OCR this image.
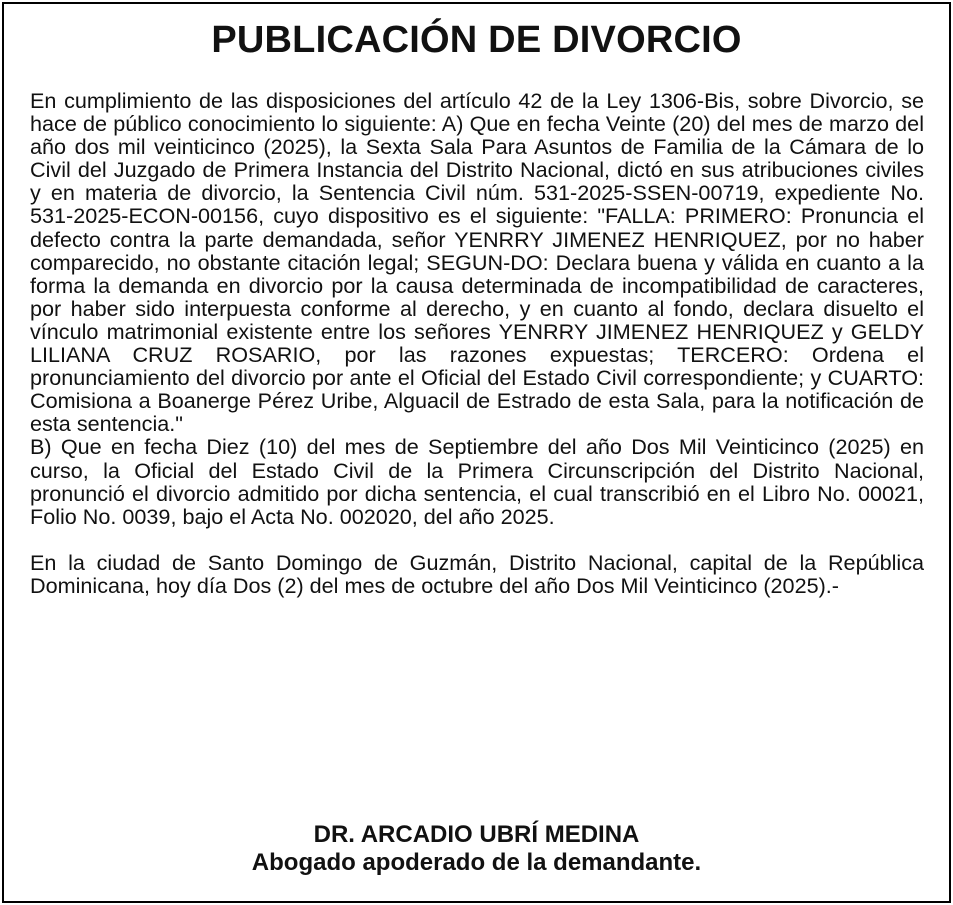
PUBLICACIÓN DE DIVORCIO

En cumplimiento de las disposiciones del artículo 42 de la Ley 1306-Bis, sobre Divorcio, se hace de público conocimiento lo siguiente: A) Que en fecha Veinte (20) del mes de marzo del año dos mil veinticinco (2025), la Sexta Sala Para Asuntos de Familia de la Cámara de lo Civil del Juzgado de Primera Instancia del Distrito Nacional, dictó en sus atribuciones civiles y en materia de divorcio, la Sentencia Civil núm. 531-2025-SSEN-00719, expediente No. 531-2025-ECON-00156, cuyo dispositivo es el siguiente: "FALLA: PRIMERO: Pronuncia el defecto contra la parte demandada, señor YENRRY JIMENEZ HENRIQUEZ, por no haber comparecido, no obstante citación legal; SEGUN-DO: Declara buena y válida en cuanto a la forma la demanda en divorcio por la causa determinada de incompatibilidad de caracteres, por haber sido interpuesta conforme al derecho, y en cuanto al fondo, declara disuelto el vínculo matrimonial existente entre los señores YENRRY JIMENEZ HENRIQUEZ y GELDY LILIANA CRUZ ROSARIO, por las razones expuestas; TERCERO: Ordena el pronunciamiento del divorcio por ante el Oficial del Estado Civil correspondiente; y CUARTO: Comisiona a Boanerge Pérez Uribe, Alguacil de Estrado de esta Sala, para la notificación de esta sentencia."

B) Que en fecha Diez (10) del mes de Septiembre del año Dos Mil Veinticinco (2025) en curso, la Oficial del Estado Civil de la Primera Circunscripción del Distrito Nacional, pronunció el divorcio admitido por dicha sentencia, el cual transcribió en el Libro No. 00021, Folio No. 0039, bajo el Acta No. 002020, del año 2025.

En la ciudad de Santo Domingo de Guzmán, Distrito Nacional, capital de la República Dominicana, hoy día Dos (2) del mes de octubre del año Dos Mil Veinticinco (2025).-

DR. ARCADIO UBRÍ MEDINA
Abogado apoderado de la demandante.
